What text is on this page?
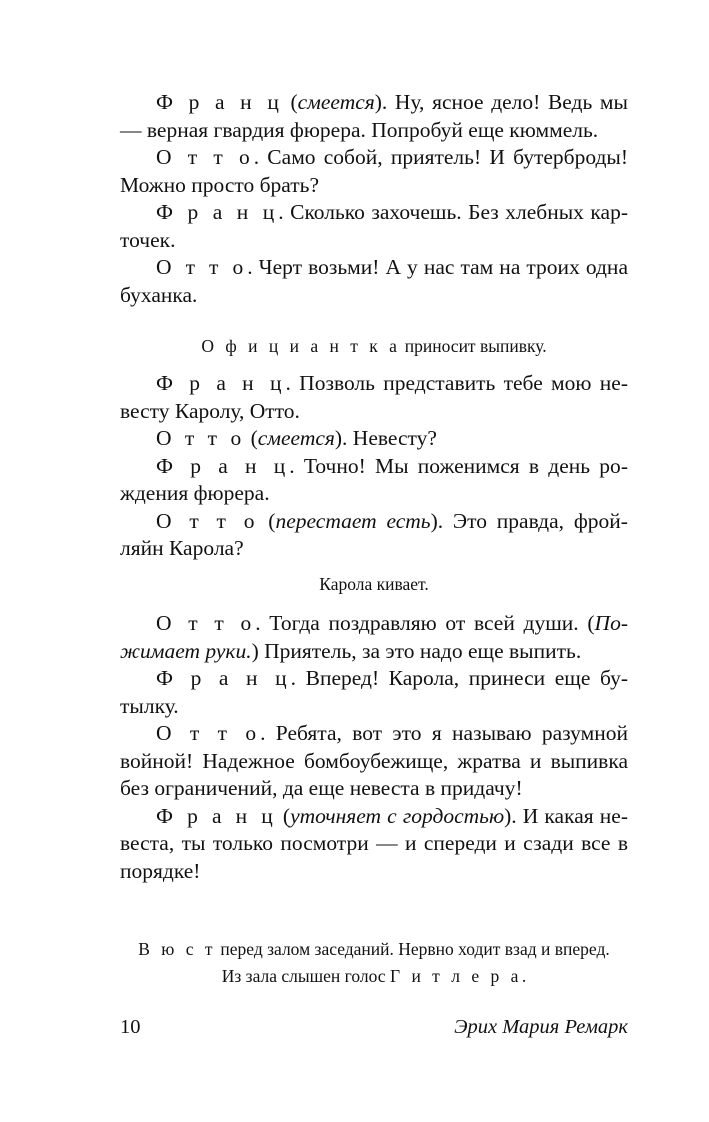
Ф р а н ц (смеется). Ну, ясное дело! Ведь мы — верная гвардия фюрера. Попробуй еще кюммель.

О т т о. Само собой, приятель! И бутерброды! Можно просто брать?

Ф р а н ц. Сколько захочешь. Без хлебных карточек.

О т т о. Черт возьми! А у нас там на троих одна буханка.

О ф и ц и а н т к а приносит выпивку.

Ф р а н ц. Позволь представить тебе мою невесту Каролу, Отто.

О т т о (смеется). Невесту?

Ф р а н ц. Точно! Мы поженимся в день рождения фюрера.

О т т о (перестает есть). Это правда, фройляйн Карола?

Карола кивает.

О т т о. Тогда поздравляю от всей души. (Пожимает руки.) Приятель, за это надо еще выпить.

Ф р а н ц. Вперед! Карола, принеси еще бутылку.

О т т о. Ребята, вот это я называю разумной войной! Надежное бомбоубежище, жратва и выпивка без ограничений, да еще невеста в придачу!

Ф р а н ц (уточняет с гордостью). И какая невеста, ты только посмотри — и спереди и сзади все в порядке!

В ю с т перед залом заседаний. Нервно ходит взад и вперед.

Из зала слышен голос Г и т л е р а.

10	Эрих Мария Ремарк
